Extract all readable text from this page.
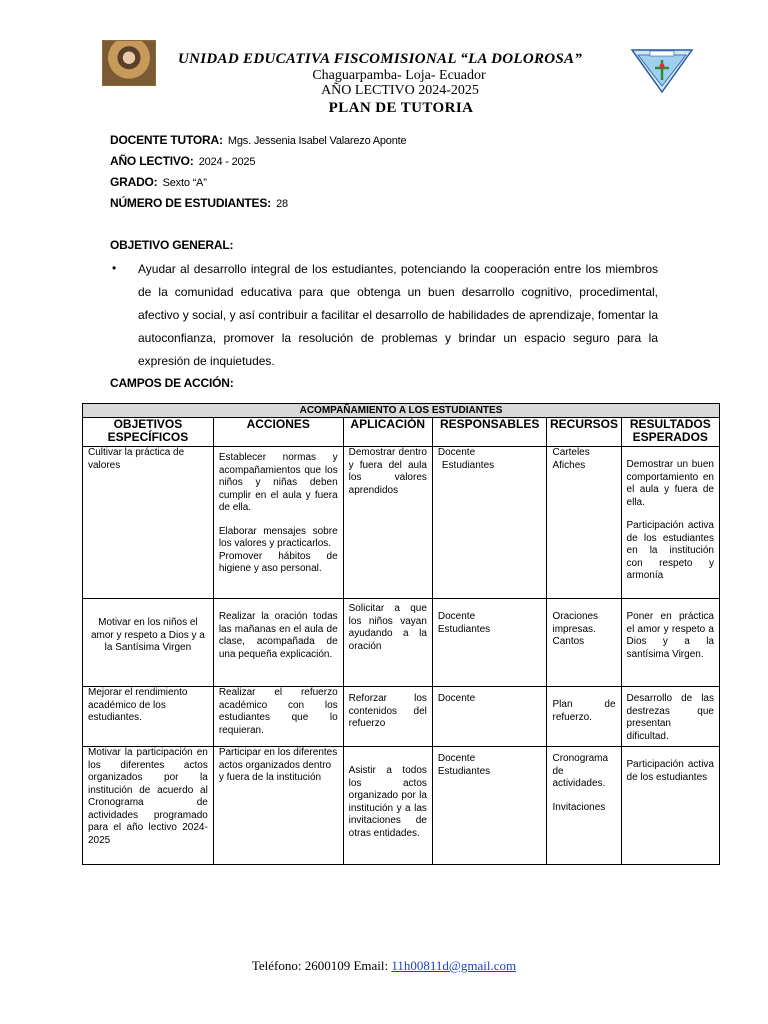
UNIDAD EDUCATIVA FISCOMISIONAL “LA DOLOROSA”
Chaguarpamba- Loja- Ecuador
AÑO LECTIVO 2024-2025
PLAN DE TUTORIA
DOCENTE TUTORA: Mgs. Jessenia Isabel Valarezo Aponte
AÑO LECTIVO: 2024 - 2025
GRADO: Sexto “A”
NÚMERO DE ESTUDIANTES: 28
OBJETIVO GENERAL:
• Ayudar al desarrollo integral de los estudiantes, potenciando la cooperación entre los miembros de la comunidad educativa para que obtenga un buen desarrollo cognitivo, procedimental, afectivo y social, y así contribuir a facilitar el desarrollo de habilidades de aprendizaje, fomentar la autoconfianza, promover la resolución de problemas y brindar un espacio seguro para la expresión de inquietudes.
CAMPOS DE ACCIÓN:
ACOMPAÑAMIENTO A LOS ESTUDIANTES					
OBJETIVOS ESPECÍFICOS	ACCIONES	APLICACIÓN	RESPONSABLES	RECURSOS	RESULTADOS ESPERADOS
Cultivar la práctica de valores	Establecer normas y acompañamientos que los niños y niñas deben cumplir en el aula y fuera de ella.
Elaborar mensajes sobre los valores y practicarlos.
Promover hábitos de higiene y aso personal.	Demostrar dentro y fuera del aula los valores aprendidos	Docente
Estudiantes	Carteles
Afiches	Demostrar un buen comportamiento en el aula y fuera de ella.
Participación activa de los estudiantes en la institución con respeto y armonía
Motivar en los niños el amor y respeto a Dios y a la Santísima Virgen	Realizar la oración todas las mañanas en el aula de clase, acompañada de una pequeña explicación.	Solicitar a que los niños vayan ayudando a la oración	Docente
Estudiantes	Oraciones impresas.
Cantos	Poner en práctica el amor y respeto a Dios y a la santísima Virgen.
Mejorar el rendimiento académico de los estudiantes.	Realizar el refuerzo académico con los estudiantes que lo requieran.	Reforzar los contenidos del refuerzo	Docente	Plan de refuerzo.	Desarrollo de las destrezas que presentan dificultad.
Motivar la participación en los diferentes actos organizados por la institución de acuerdo al Cronograma de actividades programado para el año lectivo 2024-2025	Participar en los diferentes actos organizados dentro y fuera de la institución	Asistir a todos los actos organizado por la institución y a las invitaciones de otras entidades.	Docente
Estudiantes	Cronograma de actividades.
Invitaciones	Participación activa de los estudiantes
Teléfono: 2600109 Email: 11h00811d@gmail.com
